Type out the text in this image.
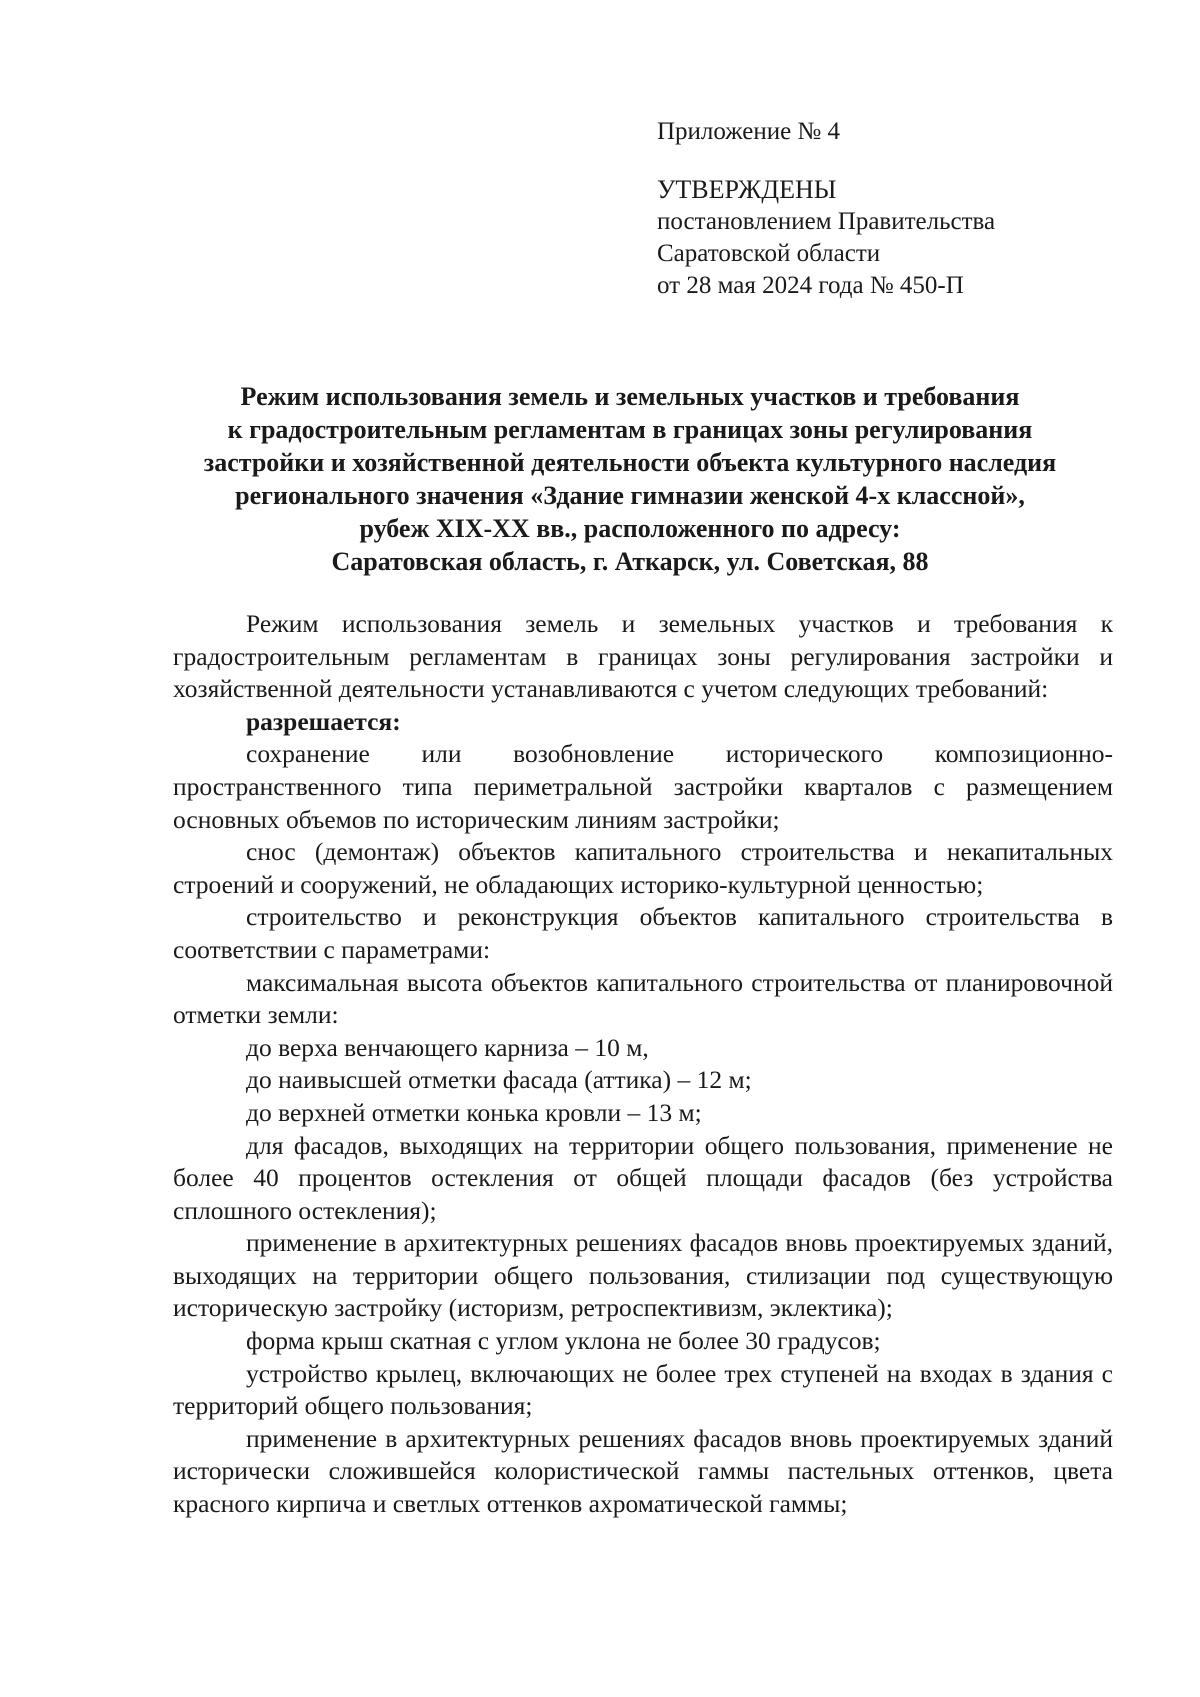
Приложение № 4
УТВЕРЖДЕНЫ
постановлением Правительства
Саратовской области
от 28 мая 2024 года № 450-П
Режим использования земель и земельных участков и требования
к градостроительным регламентам в границах зоны регулирования
застройки и хозяйственной деятельности объекта культурного наследия
регионального значения «Здание гимназии женской 4-х классной»,
рубеж XIX-XX вв., расположенного по адресу:
Саратовская область, г. Аткарск, ул. Советская, 88

Режим использования земель и земельных участков и требования к градостроительным регламентам в границах зоны регулирования застройки и хозяйственной деятельности устанавливаются с учетом следующих требований:

разрешается:

сохранение или возобновление исторического композиционно-пространственного типа периметральной застройки кварталов с размещением основных объемов по историческим линиям застройки;

снос (демонтаж) объектов капитального строительства и некапитальных строений и сооружений, не обладающих историко-культурной ценностью;

строительство и реконструкция объектов капитального строительства в соответствии с параметрами:

максимальная высота объектов капитального строительства от планировочной отметки земли:

до верха венчающего карниза – 10 м,

до наивысшей отметки фасада (аттика) – 12 м;

до верхней отметки конька кровли – 13 м;

для фасадов, выходящих на территории общего пользования, применение не более 40 процентов остекления от общей площади фасадов (без устройства сплошного остекления);

применение в архитектурных решениях фасадов вновь проектируемых зданий, выходящих на территории общего пользования, стилизации под существующую историческую застройку (историзм, ретроспективизм, эклектика);

форма крыш скатная с углом уклона не более 30 градусов;

устройство крылец, включающих не более трех ступеней на входах в здания с территорий общего пользования;

применение в архитектурных решениях фасадов вновь проектируемых зданий исторически сложившейся колористической гаммы пастельных оттенков, цвета красного кирпича и светлых оттенков ахроматической гаммы;
